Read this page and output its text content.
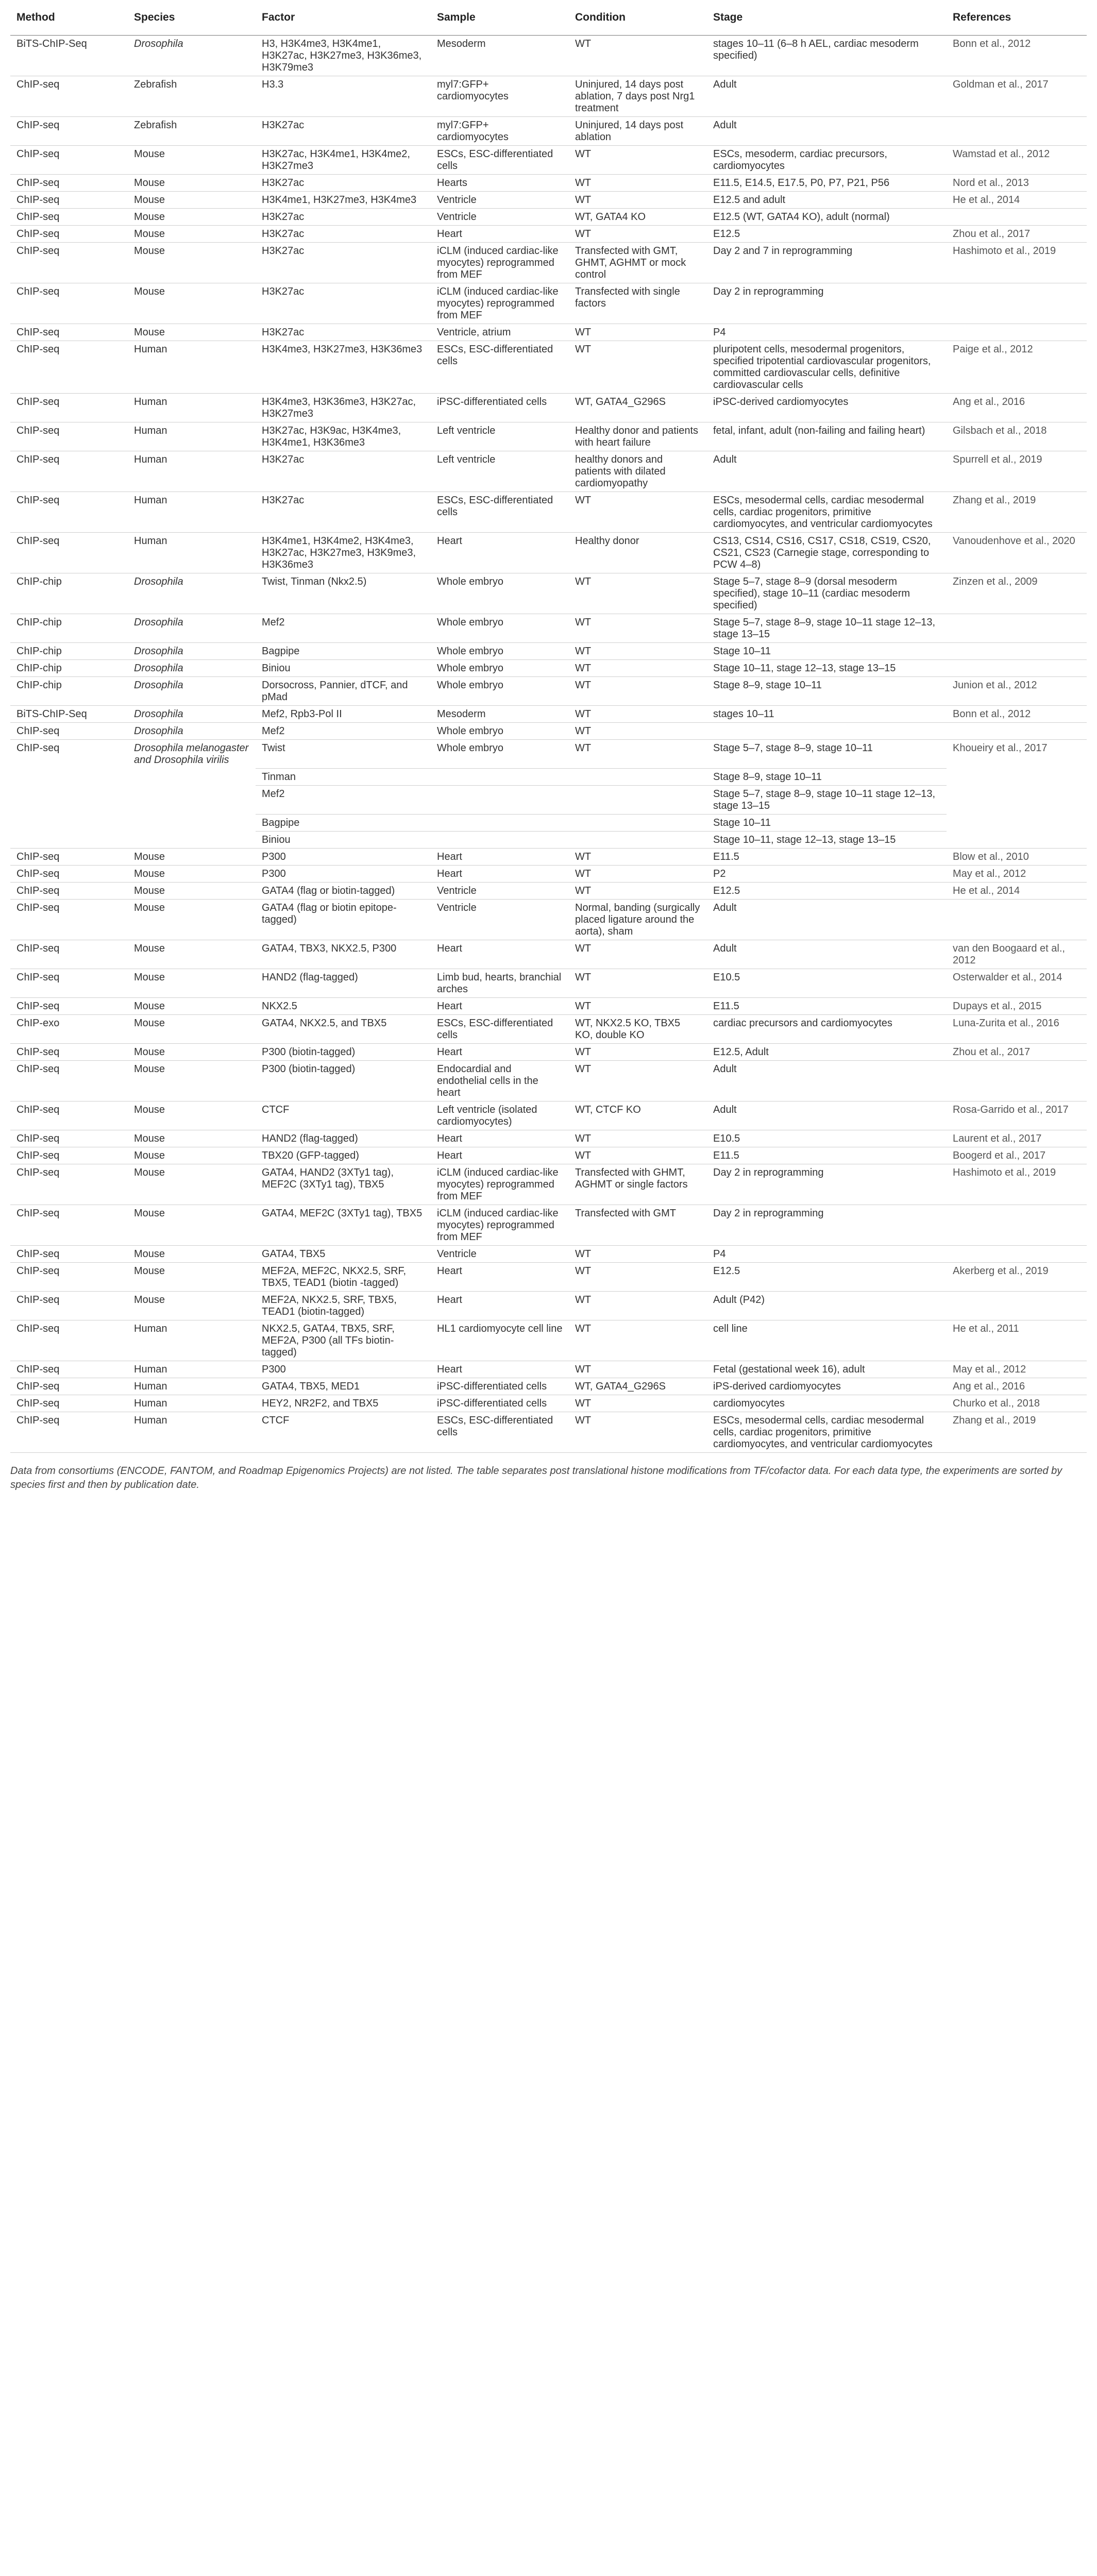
Method	Species	Factor	Sample	Condition	Stage	References
BiTS-ChIP-Seq	Drosophila	H3, H3K4me3, H3K4me1, H3K27ac, H3K27me3, H3K36me3, H3K79me3	Mesoderm	WT	stages 10–11 (6–8 h AEL, cardiac mesoderm specified)	Bonn et al., 2012
ChIP-seq	Zebrafish	H3.3	myl7:GFP+ cardiomyocytes	Uninjured, 14 days post ablation, 7 days post Nrg1 treatment	Adult	Goldman et al., 2017
ChIP-seq	Zebrafish	H3K27ac	myl7:GFP+ cardiomyocytes	Uninjured, 14 days post ablation	Adult	
ChIP-seq	Mouse	H3K27ac, H3K4me1, H3K4me2, H3K27me3	ESCs, ESC-differentiated cells	WT	ESCs, mesoderm, cardiac precursors, cardiomyocytes	Wamstad et al., 2012
ChIP-seq	Mouse	H3K27ac	Hearts	WT	E11.5, E14.5, E17.5, P0, P7, P21, P56	Nord et al., 2013
ChIP-seq	Mouse	H3K4me1, H3K27me3, H3K4me3	Ventricle	WT	E12.5 and adult	He et al., 2014
ChIP-seq	Mouse	H3K27ac	Ventricle	WT, GATA4 KO	E12.5 (WT, GATA4 KO), adult (normal)	
ChIP-seq	Mouse	H3K27ac	Heart	WT	E12.5	Zhou et al., 2017
ChIP-seq	Mouse	H3K27ac	iCLM (induced cardiac-like myocytes) reprogrammed from MEF	Transfected with GMT, GHMT, AGHMT or mock control	Day 2 and 7 in reprogramming	Hashimoto et al., 2019
ChIP-seq	Mouse	H3K27ac	iCLM (induced cardiac-like myocytes) reprogrammed from MEF	Transfected with single factors	Day 2 in reprogramming	
ChIP-seq	Mouse	H3K27ac	Ventricle, atrium	WT	P4	
ChIP-seq	Human	H3K4me3, H3K27me3, H3K36me3	ESCs, ESC-differentiated cells	WT	pluripotent cells, mesodermal progenitors, specified tripotential cardiovascular progenitors, committed cardiovascular cells, definitive cardiovascular cells	Paige et al., 2012
ChIP-seq	Human	H3K4me3, H3K36me3, H3K27ac, H3K27me3	iPSC-differentiated cells	WT, GATA4_G296S	iPSC-derived cardiomyocytes	Ang et al., 2016
ChIP-seq	Human	H3K27ac, H3K9ac, H3K4me3, H3K4me1, H3K36me3	Left ventricle	Healthy donor and patients with heart failure	fetal, infant, adult (non-failing and failing heart)	Gilsbach et al., 2018
ChIP-seq	Human	H3K27ac	Left ventricle	healthy donors and patients with dilated cardiomyopathy	Adult	Spurrell et al., 2019
ChIP-seq	Human	H3K27ac	ESCs, ESC-differentiated cells	WT	ESCs, mesodermal cells, cardiac mesodermal cells, cardiac progenitors, primitive cardiomyocytes, and ventricular cardiomyocytes	Zhang et al., 2019
ChIP-seq	Human	H3K4me1, H3K4me2, H3K4me3, H3K27ac, H3K27me3, H3K9me3, H3K36me3	Heart	Healthy donor	CS13, CS14, CS16, CS17, CS18, CS19, CS20, CS21, CS23 (Carnegie stage, corresponding to PCW 4–8)	Vanoudenhove et al., 2020
ChIP-chip	Drosophila	Twist, Tinman (Nkx2.5)	Whole embryo	WT	Stage 5–7, stage 8–9 (dorsal mesoderm specified), stage 10–11 (cardiac mesoderm specified)	Zinzen et al., 2009
ChIP-chip	Drosophila	Mef2	Whole embryo	WT	Stage 5–7, stage 8–9, stage 10–11 stage 12–13, stage 13–15	
ChIP-chip	Drosophila	Bagpipe	Whole embryo	WT	Stage 10–11	
ChIP-chip	Drosophila	Biniou	Whole embryo	WT	Stage 10–11, stage 12–13, stage 13–15	
ChIP-chip	Drosophila	Dorsocross, Pannier, dTCF, and pMad	Whole embryo	WT	Stage 8–9, stage 10–11	Junion et al., 2012
BiTS-ChIP-Seq	Drosophila	Mef2, Rpb3-Pol II	Mesoderm	WT	stages 10–11	Bonn et al., 2012
ChIP-seq	Drosophila	Mef2	Whole embryo	WT		
ChIP-seq	Drosophila melanogaster and Drosophila virilis	Twist	Whole embryo	WT	Stage 5–7, stage 8–9, stage 10–11	Khoueiry et al., 2017
		Tinman			Stage 8–9, stage 10–11	
		Mef2			Stage 5–7, stage 8–9, stage 10–11 stage 12–13, stage 13–15	
		Bagpipe			Stage 10–11	
		Biniou			Stage 10–11, stage 12–13, stage 13–15	
ChIP-seq	Mouse	P300	Heart	WT	E11.5	Blow et al., 2010
ChIP-seq	Mouse	P300	Heart	WT	P2	May et al., 2012
ChIP-seq	Mouse	GATA4 (flag or biotin-tagged)	Ventricle	WT	E12.5	He et al., 2014
ChIP-seq	Mouse	GATA4 (flag or biotin epitope-tagged)	Ventricle	Normal, banding (surgically placed ligature around the aorta), sham	Adult	
ChIP-seq	Mouse	GATA4, TBX3, NKX2.5, P300	Heart	WT	Adult	van den Boogaard et al., 2012
ChIP-seq	Mouse	HAND2 (flag-tagged)	Limb bud, hearts, branchial arches	WT	E10.5	Osterwalder et al., 2014
ChIP-seq	Mouse	NKX2.5	Heart	WT	E11.5	Dupays et al., 2015
ChIP-exo	Mouse	GATA4, NKX2.5, and TBX5	ESCs, ESC-differentiated cells	WT, NKX2.5 KO, TBX5 KO, double KO	cardiac precursors and cardiomyocytes	Luna-Zurita et al., 2016
ChIP-seq	Mouse	P300 (biotin-tagged)	Heart	WT	E12.5, Adult	Zhou et al., 2017
ChIP-seq	Mouse	P300 (biotin-tagged)	Endocardial and endothelial cells in the heart	WT	Adult	
ChIP-seq	Mouse	CTCF	Left ventricle (isolated cardiomyocytes)	WT, CTCF KO	Adult	Rosa-Garrido et al., 2017
ChIP-seq	Mouse	HAND2 (flag-tagged)	Heart	WT	E10.5	Laurent et al., 2017
ChIP-seq	Mouse	TBX20 (GFP-tagged)	Heart	WT	E11.5	Boogerd et al., 2017
ChIP-seq	Mouse	GATA4, HAND2 (3XTy1 tag), MEF2C (3XTy1 tag), TBX5	iCLM (induced cardiac-like myocytes) reprogrammed from MEF	Transfected with GHMT, AGHMT or single factors	Day 2 in reprogramming	Hashimoto et al., 2019
ChIP-seq	Mouse	GATA4, MEF2C (3XTy1 tag), TBX5	iCLM (induced cardiac-like myocytes) reprogrammed from MEF	Transfected with GMT	Day 2 in reprogramming	
ChIP-seq	Mouse	GATA4, TBX5	Ventricle	WT	P4	
ChIP-seq	Mouse	MEF2A, MEF2C, NKX2.5, SRF, TBX5, TEAD1 (biotin -tagged)	Heart	WT	E12.5	Akerberg et al., 2019
ChIP-seq	Mouse	MEF2A, NKX2.5, SRF, TBX5, TEAD1 (biotin-tagged)	Heart	WT	Adult (P42)	
ChIP-seq	Human	NKX2.5, GATA4, TBX5, SRF, MEF2A, P300 (all TFs biotin-tagged)	HL1 cardiomyocyte cell line	WT	cell line	He et al., 2011
ChIP-seq	Human	P300	Heart	WT	Fetal (gestational week 16), adult	May et al., 2012
ChIP-seq	Human	GATA4, TBX5, MED1	iPSC-differentiated cells	WT, GATA4_G296S	iPS-derived cardiomyocytes	Ang et al., 2016
ChIP-seq	Human	HEY2, NR2F2, and TBX5	iPSC-differentiated cells	WT	cardiomyocytes	Churko et al., 2018
ChIP-seq	Human	CTCF	ESCs, ESC-differentiated cells	WT	ESCs, mesodermal cells, cardiac mesodermal cells, cardiac progenitors, primitive cardiomyocytes, and ventricular cardiomyocytes	Zhang et al., 2019
Data from consortiums (ENCODE, FANTOM, and Roadmap Epigenomics Projects) are not listed. The table separates post translational histone modifications from TF/cofactor data. For each data type, the experiments are sorted by species first and then by publication date.
